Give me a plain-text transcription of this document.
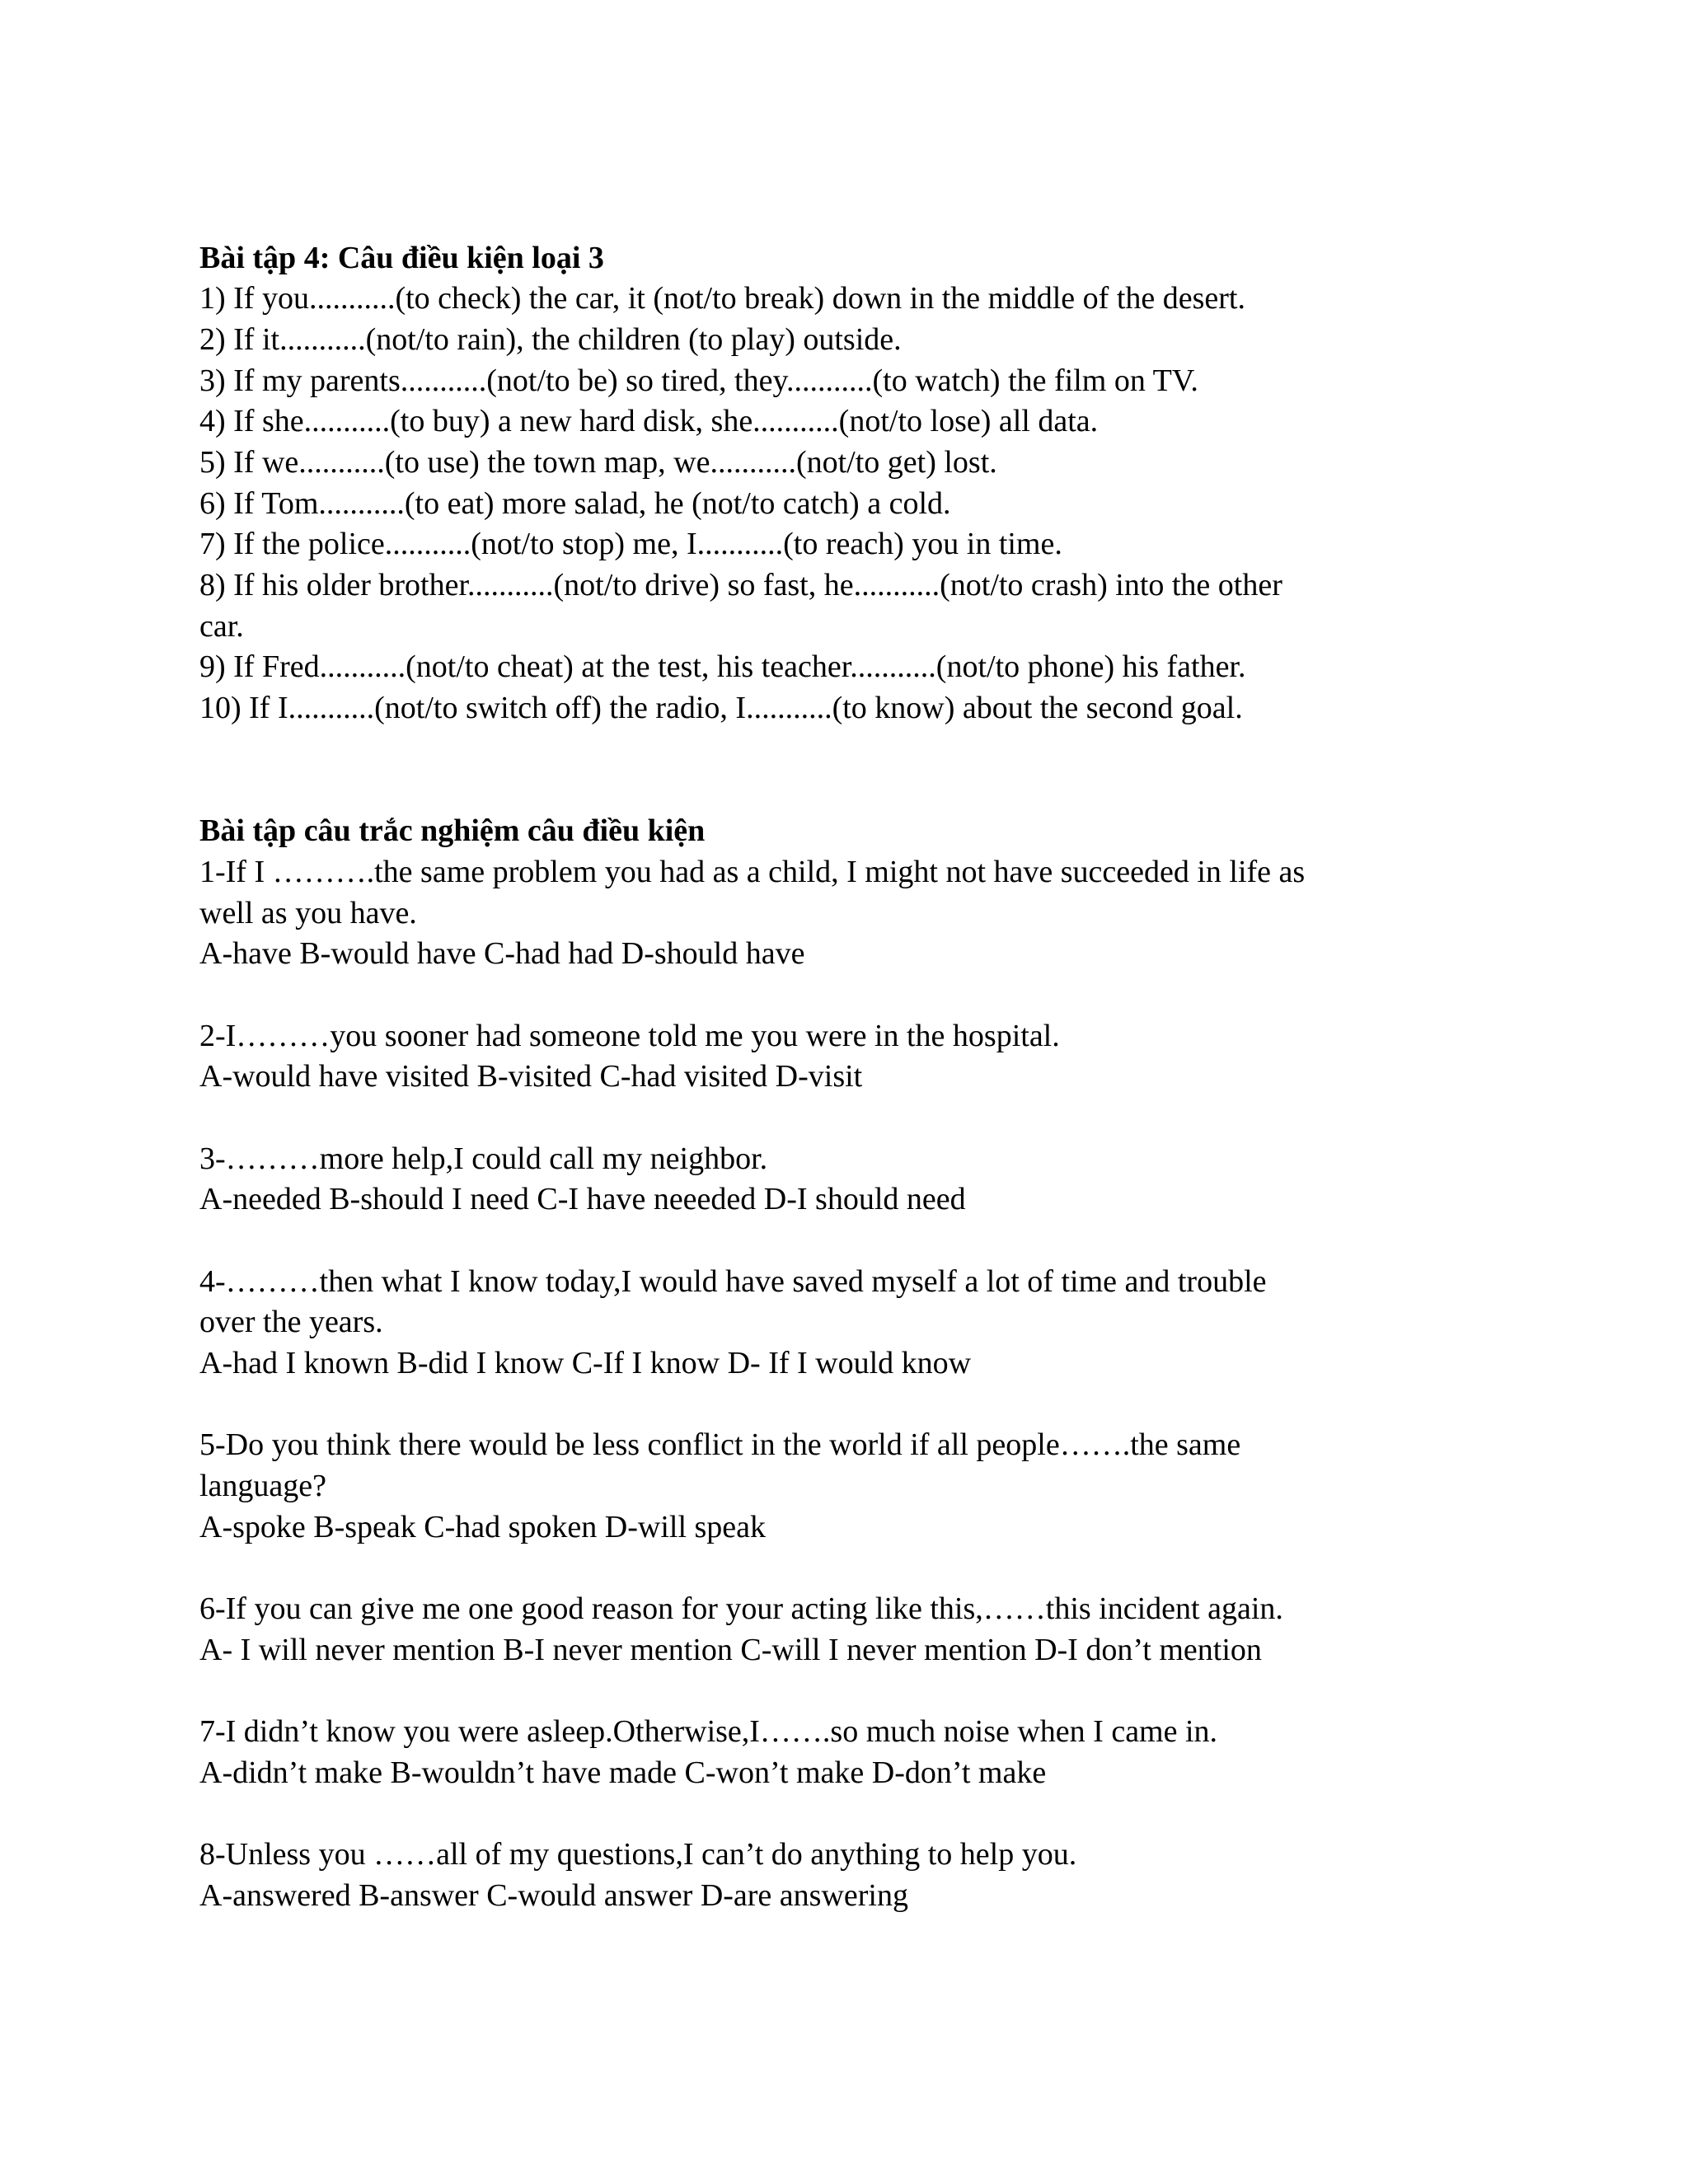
Bài tập 4: Câu điều kiện loại 3
1) If you...........(to check) the car, it (not/to break) down in the middle of the desert.
2) If it...........(not/to rain), the children (to play) outside.
3) If my parents...........(not/to be) so tired, they...........(to watch) the film on TV.
4) If she...........(to buy) a new hard disk, she...........(not/to lose) all data.
5) If we...........(to use) the town map, we...........(not/to get) lost.
6) If Tom...........(to eat) more salad, he (not/to catch) a cold.
7) If the police...........(not/to stop) me, I...........(to reach) you in time.
8) If his older brother...........(not/to drive) so fast, he...........(not/to crash) into the other
car.
9) If Fred...........(not/to cheat) at the test, his teacher...........(not/to phone) his father.
10) If I...........(not/to switch off) the radio, I...........(to know) about the second goal.
Bài tập câu trắc nghiệm câu điều kiện
1-If I ……….the same problem you had as a child, I might not have succeeded in life as
well as you have.
A-have B-would have C-had had D-should have
2-I………you sooner had someone told me you were in the hospital.
A-would have visited B-visited C-had visited D-visit
3-………more help,I could call my neighbor.
A-needed B-should I need C-I have neeeded D-I should need
4-………then what I know today,I would have saved myself a lot of time and trouble
over the years.
A-had I known B-did I know C-If I know D- If I would know
5-Do you think there would be less conflict in the world if all people…….the same
language?
A-spoke B-speak C-had spoken D-will speak
6-If you can give me one good reason for your acting like this,……this incident again.
A- I will never mention B-I never mention C-will I never mention D-I don’t mention
7-I didn’t know you were asleep.Otherwise,I…….so much noise when I came in.
A-didn’t make B-wouldn’t have made C-won’t make D-don’t make
8-Unless you ……all of my questions,I can’t do anything to help you.
A-answered B-answer C-would answer D-are answering
